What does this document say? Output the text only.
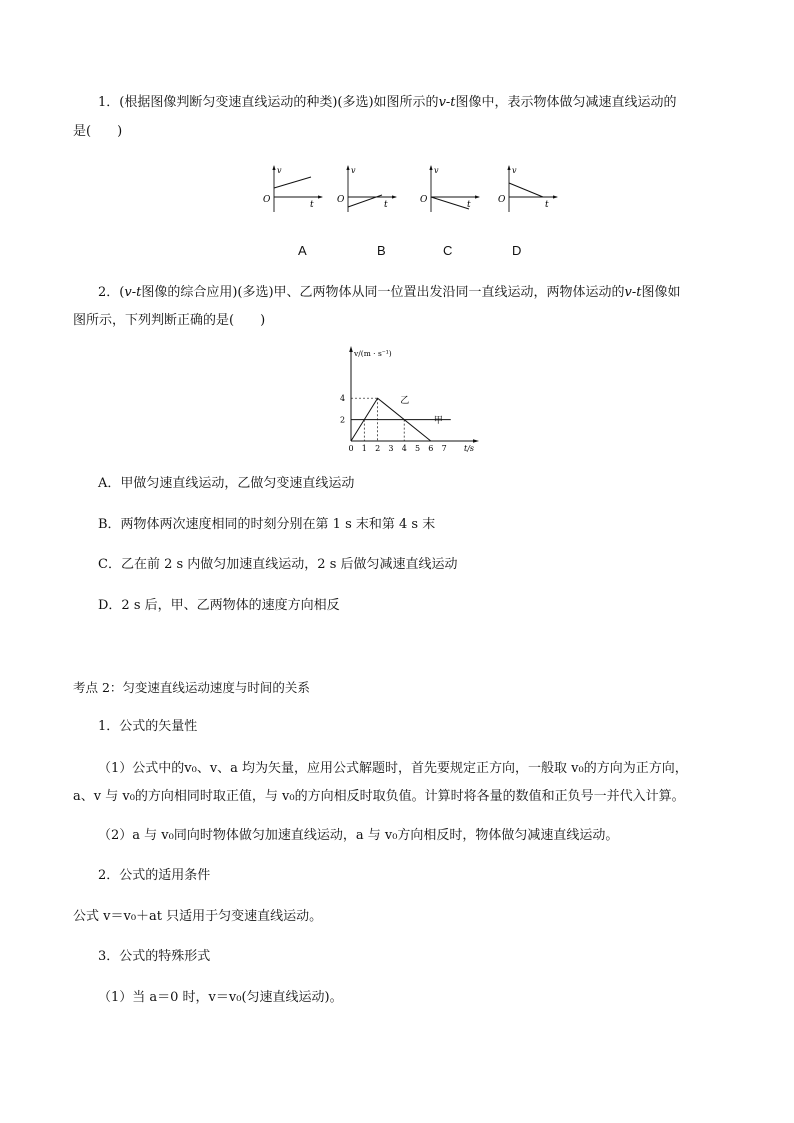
1．(根据图像判断匀变速直线运动的种类)(多选)如图所示的v-t图像中，表示物体做匀减速直线运动的
是(　　)
v
O	t
v
O	t
v
O	t
v
O	t
A	B	C	D
2．(v-t图像的综合应用)(多选)甲、乙两物体从同一位置出发沿同一直线运动，两物体运动的v-t图像如
图所示，下列判断正确的是(　　)
v/(m · s⁻¹)
t/s
0 1 2 3 4 5 6 7
2
4
甲
乙
A．甲做匀速直线运动，乙做匀变速直线运动
B．两物体两次速度相同的时刻分别在第 1 s 末和第 4 s 末
C．乙在前 2 s 内做匀加速直线运动，2 s 后做匀减速直线运动
D．2 s 后，甲、乙两物体的速度方向相反
考点 2：匀变速直线运动速度与时间的关系
1．公式的矢量性
（1）公式中的v₀、v、a 均为矢量，应用公式解题时，首先要规定正方向，一般取 v₀的方向为正方向，
a、v 与 v₀的方向相同时取正值，与 v₀的方向相反时取负值。计算时将各量的数值和正负号一并代入计算。
（2）a 与 v₀同向时物体做匀加速直线运动，a 与 v₀方向相反时，物体做匀减速直线运动。
2．公式的适用条件
公式 v＝v₀＋at 只适用于匀变速直线运动。
3．公式的特殊形式
（1）当 a＝0 时，v＝v₀(匀速直线运动)。
